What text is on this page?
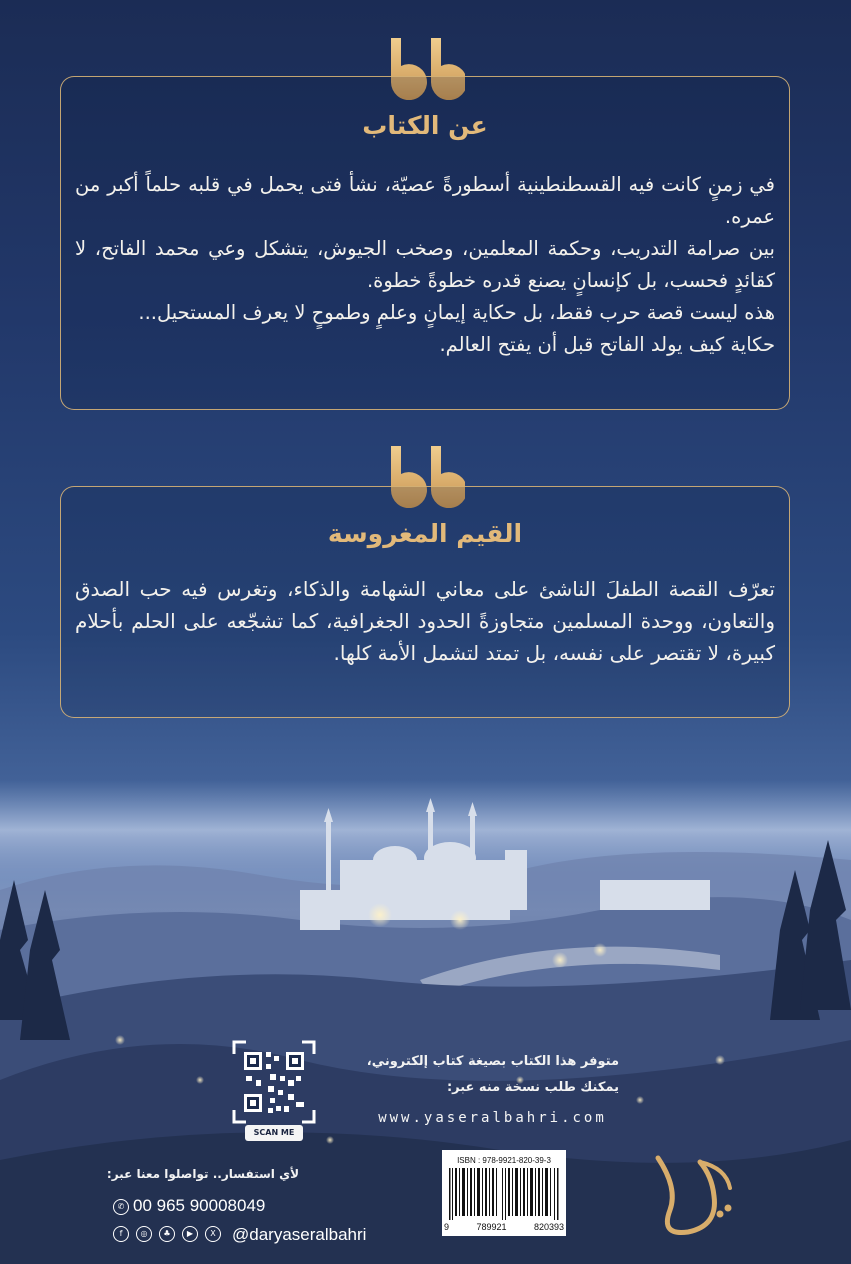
عن الكتاب

في زمنٍ كانت فيه القسطنطينية أسطورةً عصيّة، نشأ فتى يحمل في قلبه حلماً أكبر من عمره.

بين صرامة التدريب، وحكمة المعلمين، وصخب الجيوش، يتشكل وعي محمد الفاتح، لا كقائدٍ فحسب، بل كإنسانٍ يصنع قدره خطوةً خطوة.

هذه ليست قصة حرب فقط، بل حكاية إيمانٍ وعلمٍ وطموحٍ لا يعرف المستحيل...

حكاية كيف يولد الفاتح قبل أن يفتح العالم.

القيم المغروسة
تعرّف القصة الطفلَ الناشئ على معاني الشهامة والذكاء، وتغرس فيه حب الصدق والتعاون، ووحدة المسلمين متجاوزةً الحدود الجغرافية، كما تشجّعه على الحلم بأحلام كبيرة، لا تقتصر على نفسه، بل تمتد لتشمل الأمة كلها.
SCAN ME
متوفر هذا الكتاب بصيغة كتاب إلكتروني،
يمكنك طلب نسخة منه عبر:
www.yaseralbahri.com
ISBN : 978-9921-820-39-3
9	789921	820393
لأي استفسار.. تواصلوا معنا عبر:
✆ 00 965 90008049
f	◎	♣	▶	X @daryaseralbahri
